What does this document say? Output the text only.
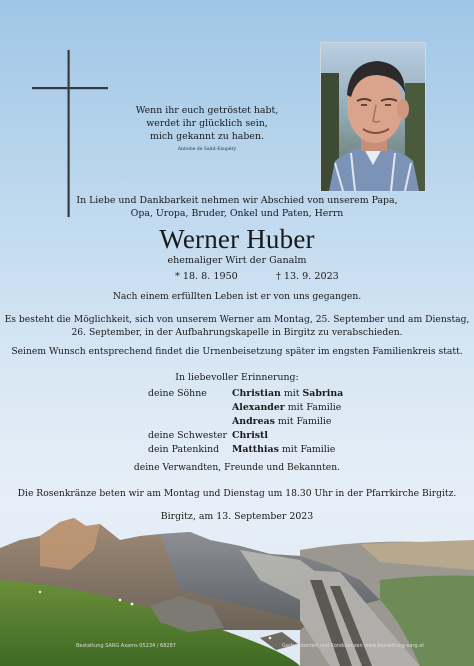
Wenn ihr euch getröstet habt,
werdet ihr glücklich sein,
mich gekannt zu haben.
Antoine de Saint-Exupéry
In Liebe und Dankbarkeit nehmen wir Abschied von unserem Papa,
Opa, Uropa, Bruder, Onkel und Paten, Herrn
Werner Huber
ehemaliger Wirt der Ganalm
* 18. 8. 1950	† 13. 9. 2023
Nach einem erfüllten Leben ist er von uns gegangen.
Es besteht die Möglichkeit, sich von unserem Werner am Montag, 25. September und am Dienstag,
26. September, in der Aufbahrungskapelle in Birgitz zu verabschieden.
Seinem Wunsch entsprechend findet die Urnenbeisetzung später im engsten Familienkreis statt.
In liebevoller Erinnerung:
deine Söhne	Christian mit Sabrina
Alexander mit Familie
Andreas mit Familie
deine Schwester Christl
dein Patenkind Matthias mit Familie
deine Verwandten, Freunde und Bekannten.
Die Rosenkränze beten wir am Montag und Dienstag um 18.30 Uhr in der Pfarrkirche Birgitz.
Birgitz, am 13. September 2023
Bestattung SARG Axams 05234 / 68287	Gedenkkerzen und Kondolenzen www.bestattung-sarg.at
